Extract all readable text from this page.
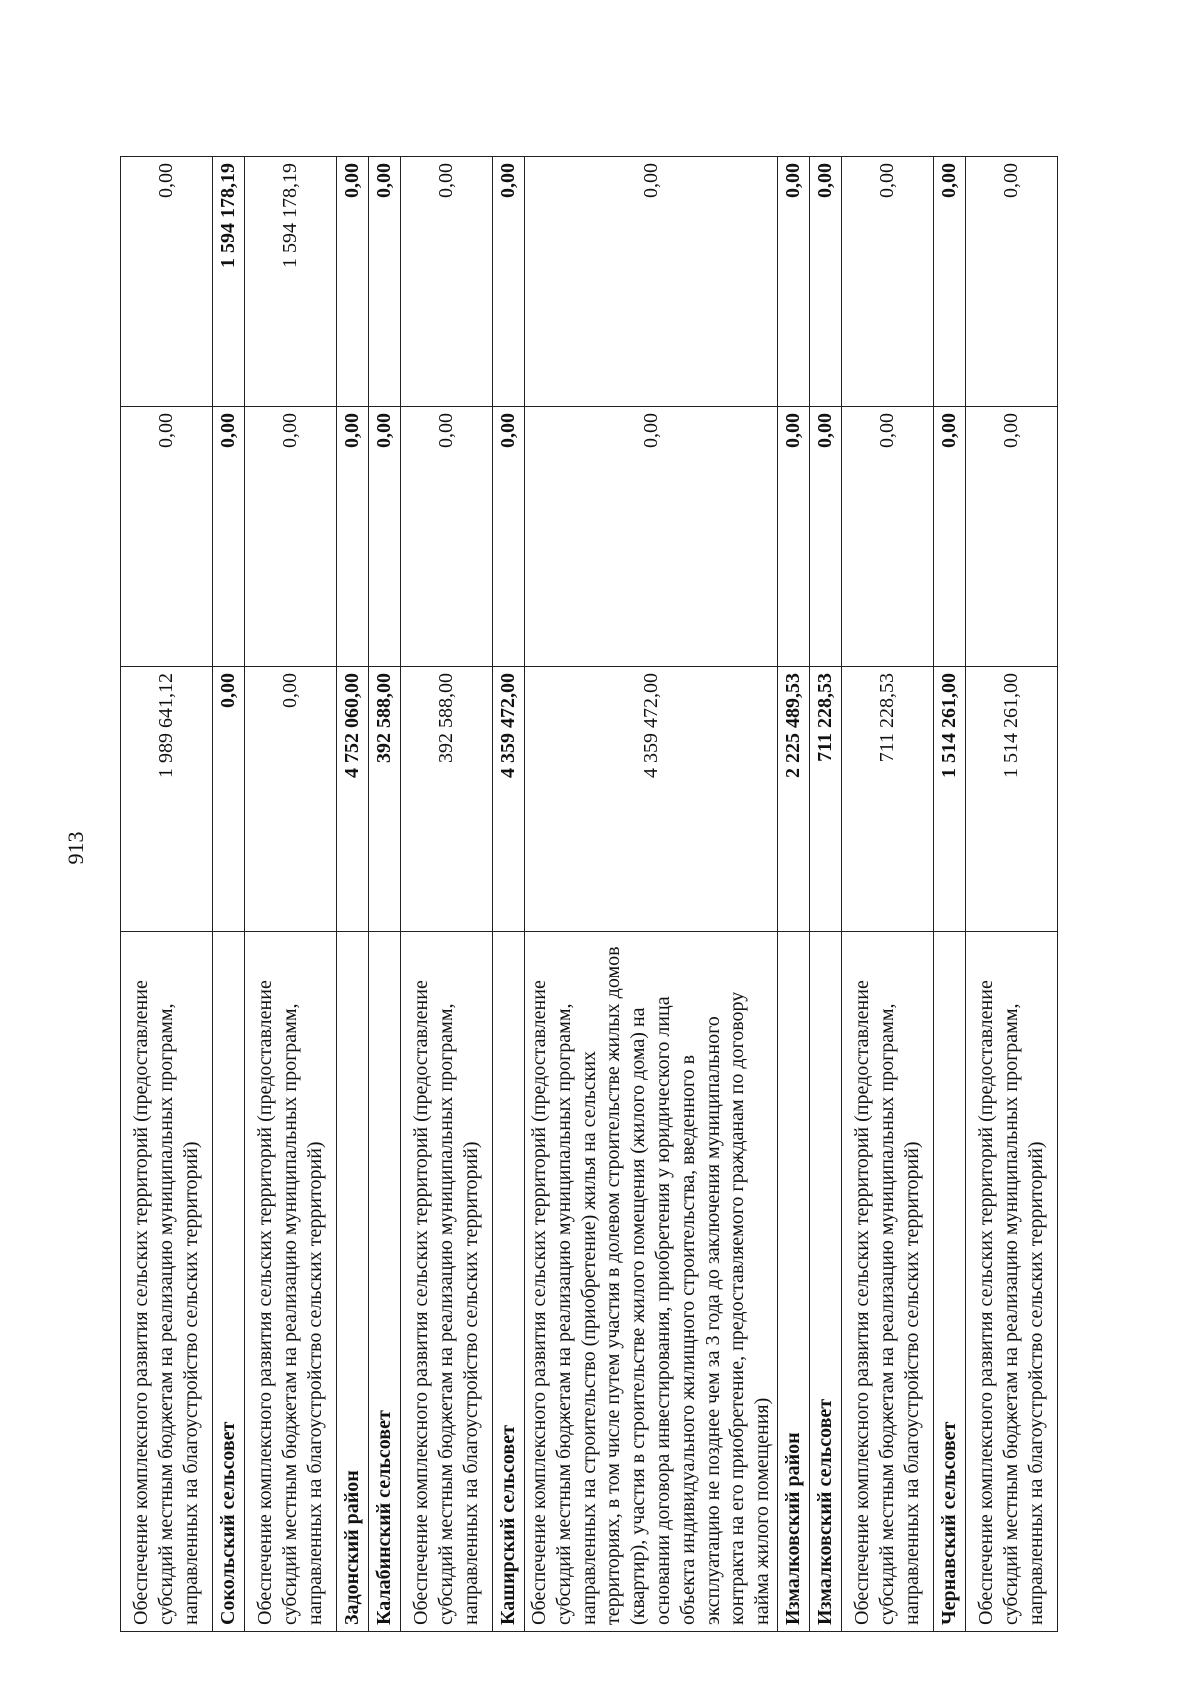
913
Обеспечение комплексного развития сельских территорий (предоставление субсидий местным бюджетам на реализацию муниципальных программ, направленных на благоустройство сельских территорий)	1 989 641,12	0,00	0,00
Сокольский сельсовет	0,00	0,00	1 594 178,19
Обеспечение комплексного развития сельских территорий (предоставление субсидий местным бюджетам на реализацию муниципальных программ, направленных на благоустройство сельских территорий)	0,00	0,00	1 594 178,19
Задонский район	4 752 060,00	0,00	0,00
Калабинский сельсовет	392 588,00	0,00	0,00
Обеспечение комплексного развития сельских территорий (предоставление субсидий местным бюджетам на реализацию муниципальных программ, направленных на благоустройство сельских территорий)	392 588,00	0,00	0,00
Каширский сельсовет	4 359 472,00	0,00	0,00
Обеспечение комплексного развития сельских территорий (предоставление субсидий местным бюджетам на реализацию муниципальных программ, направленных на строительство (приобретение) жилья на сельских территориях, в том числе путем участия в долевом строительстве жилых домов (квартир), участия в строительстве жилого помещения (жилого дома) на основании договора инвестирования, приобретения у юридического лица объекта индивидуального жилищного строительства, введенного в эксплуатацию не позднее чем за 3 года до заключения муниципального контракта на его приобретение, предоставляемого гражданам по договору найма жилого помещения)	4 359 472,00	0,00	0,00
Измалковский район	2 225 489,53	0,00	0,00
Измалковский сельсовет	711 228,53	0,00	0,00
Обеспечение комплексного развития сельских территорий (предоставление субсидий местным бюджетам на реализацию муниципальных программ, направленных на благоустройство сельских территорий)	711 228,53	0,00	0,00
Чернавский сельсовет	1 514 261,00	0,00	0,00
Обеспечение комплексного развития сельских территорий (предоставление субсидий местным бюджетам на реализацию муниципальных программ, направленных на благоустройство сельских территорий)	1 514 261,00	0,00	0,00
